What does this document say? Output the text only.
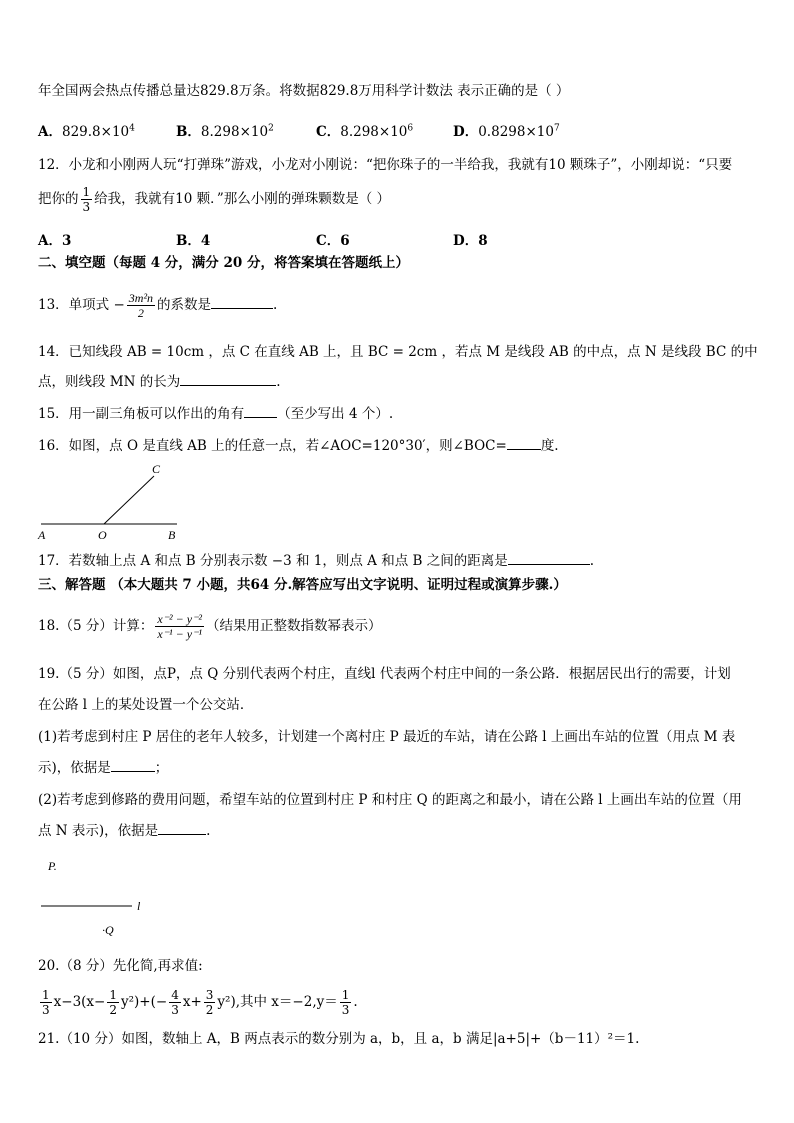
年全国两会热点传播总量达829.8万条。将数据829.8万用科学计数法 表示正确的是（ ）
A．$829.8\times 10^4$	B．$8.298\times 10^2$	C．$8.298\times 10^6$	D．$0.8298\times 10^7$
12．小龙和小刚两人玩“打弹珠”游戏，小龙对小刚说：“把你珠子的一半给我，我就有10 颗珠子”，小刚却说：“只要
把你的 $\frac{1}{3}$ 给我，我就有10 颗．”那么小刚的弹珠颗数是（ ）
A．3	B．4	C．6	D．8
二、填空题（每题 4 分，满分 20 分，将答案填在答题纸上）
13．单项式 − $\frac{\text{3m²n}}{2}$ 的系数是	.
14．已知线段 AB = 10cm ，点 C 在直线 AB 上，且 BC = 2cm ，若点 M 是线段 AB 的中点，点 N 是线段 BC 的中
点，则线段 MN 的长为	.
15．用一副三角板可以作出的角有 （至少写出 4 个）.
16．如图，点 O 是直线 AB 上的任意一点，若∠AOC=120°30′，则∠BOC=	度.
C
A	O	B
17．若数轴上点 A 和点 B 分别表示数 −3 和 1，则点 A 和点 B 之间的距离是	.
三、解答题 （本大题共 7 小题，共64 分.解答应写出文字说明、证明过程或演算步骤.）
18.（5 分）计算： $\frac{\text{x⁻² − y⁻²}}{\text{x⁻¹ − y⁻¹}}$ （结果用正整数指数幂表示）
19.（5 分）如图，点P，点 Q 分别代表两个村庄，直线l 代表两个村庄中间的一条公路．根据居民出行的需要，计划
在公路 l 上的某处设置一个公交站．
(1)若考虑到村庄 P 居住的老年人较多，计划建一个离村庄 P 最近的车站，请在公路 l 上画出车站的位置（用点 M 表
示)，依据是	；
(2)若考虑到修路的费用问题，希望车站的位置到村庄 P 和村庄 Q 的距离之和最小，请在公路 l 上画出车站的位置（用
点 N 表示)，依据是	.
P.
l
·Q
20.（8 分）先化简,再求值:
$\frac{1}{3} x-3(x- \frac{1}{2} y^2)+(- \frac{4}{3} x+ \frac{3}{2} y^2)$,其中 $x=-2,y= \frac{1}{3}$ .
21.（10 分）如图，数轴上 A，B 两点表示的数分别为 a，b，且 a，b 满足|a+5|+（b－11）²＝1.
